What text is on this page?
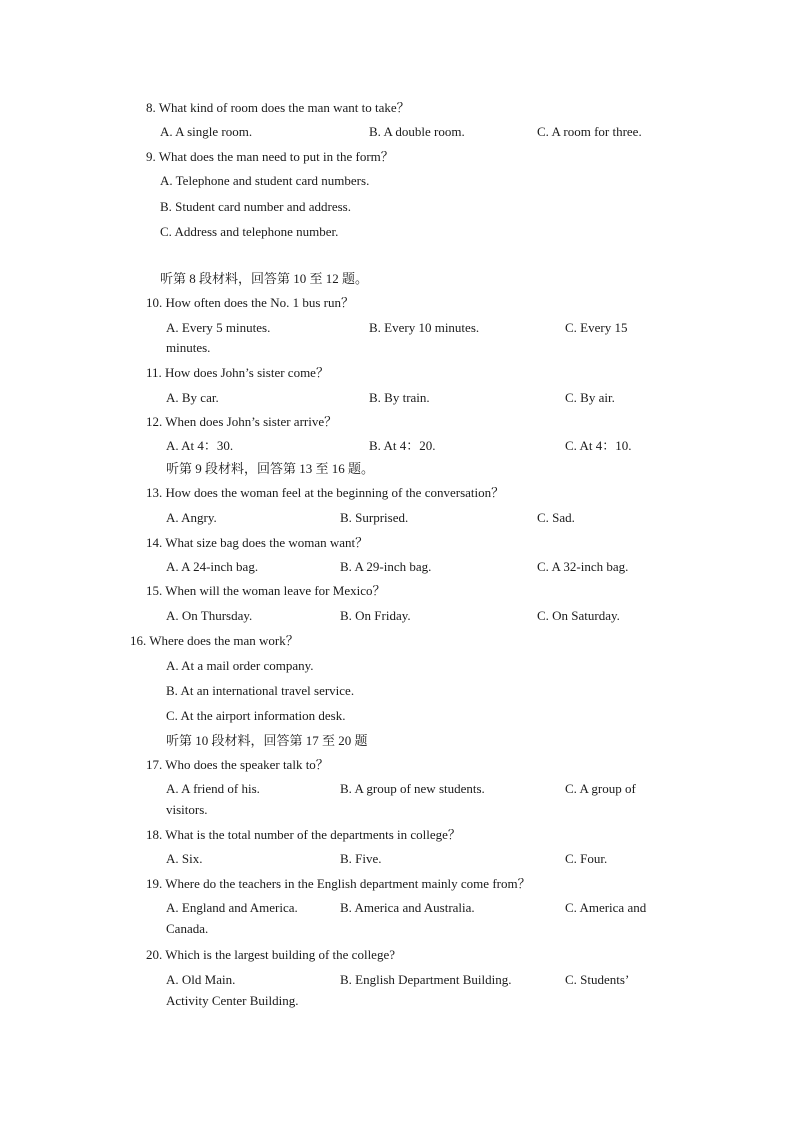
8. What kind of room does the man want to take？
A. A single room.	B. A double room.	C. A room for three.
9. What does the man need to put in the form？
A. Telephone and student card numbers.
B. Student card number and address.
C. Address and telephone number.
听第 8 段材料，回答第 10 至 12 题。
10. How often does the No. 1 bus run？
A. Every 5 minutes.	B. Every 10 minutes.	C. Every 15
minutes.
11. How does John’s sister come？
A. By car.	B. By train.	C. By air.
12. When does John’s sister arrive？
A. At 4：30.	B. At 4：20.	C. At 4：10.
听第 9 段材料，回答第 13 至 16 题。
13. How does the woman feel at the beginning of the conversation？
A. Angry.	B. Surprised.	C. Sad.
14. What size bag does the woman want？
A. A 24-inch bag.	B. A 29-inch bag.	C. A 32-inch bag.
15. When will the woman leave for Mexico？
A. On Thursday.	B. On Friday.	C. On Saturday.
16. Where does the man work？
A. At a mail order company.
B. At an international travel service.
C. At the airport information desk.
听第 10 段材料，回答第 17 至 20 题
17. Who does the speaker talk to？
A. A friend of his.	B. A group of new students.	C. A group of
visitors.
18. What is the total number of the departments in college？
A. Six.	B. Five.	C. Four.
19. Where do the teachers in the English department mainly come from？
A. England and America.	B. America and Australia.	C. America and
Canada.
20. Which is the largest building of the college?
A. Old Main.	B. English Department Building.	C. Students’
Activity Center Building.
